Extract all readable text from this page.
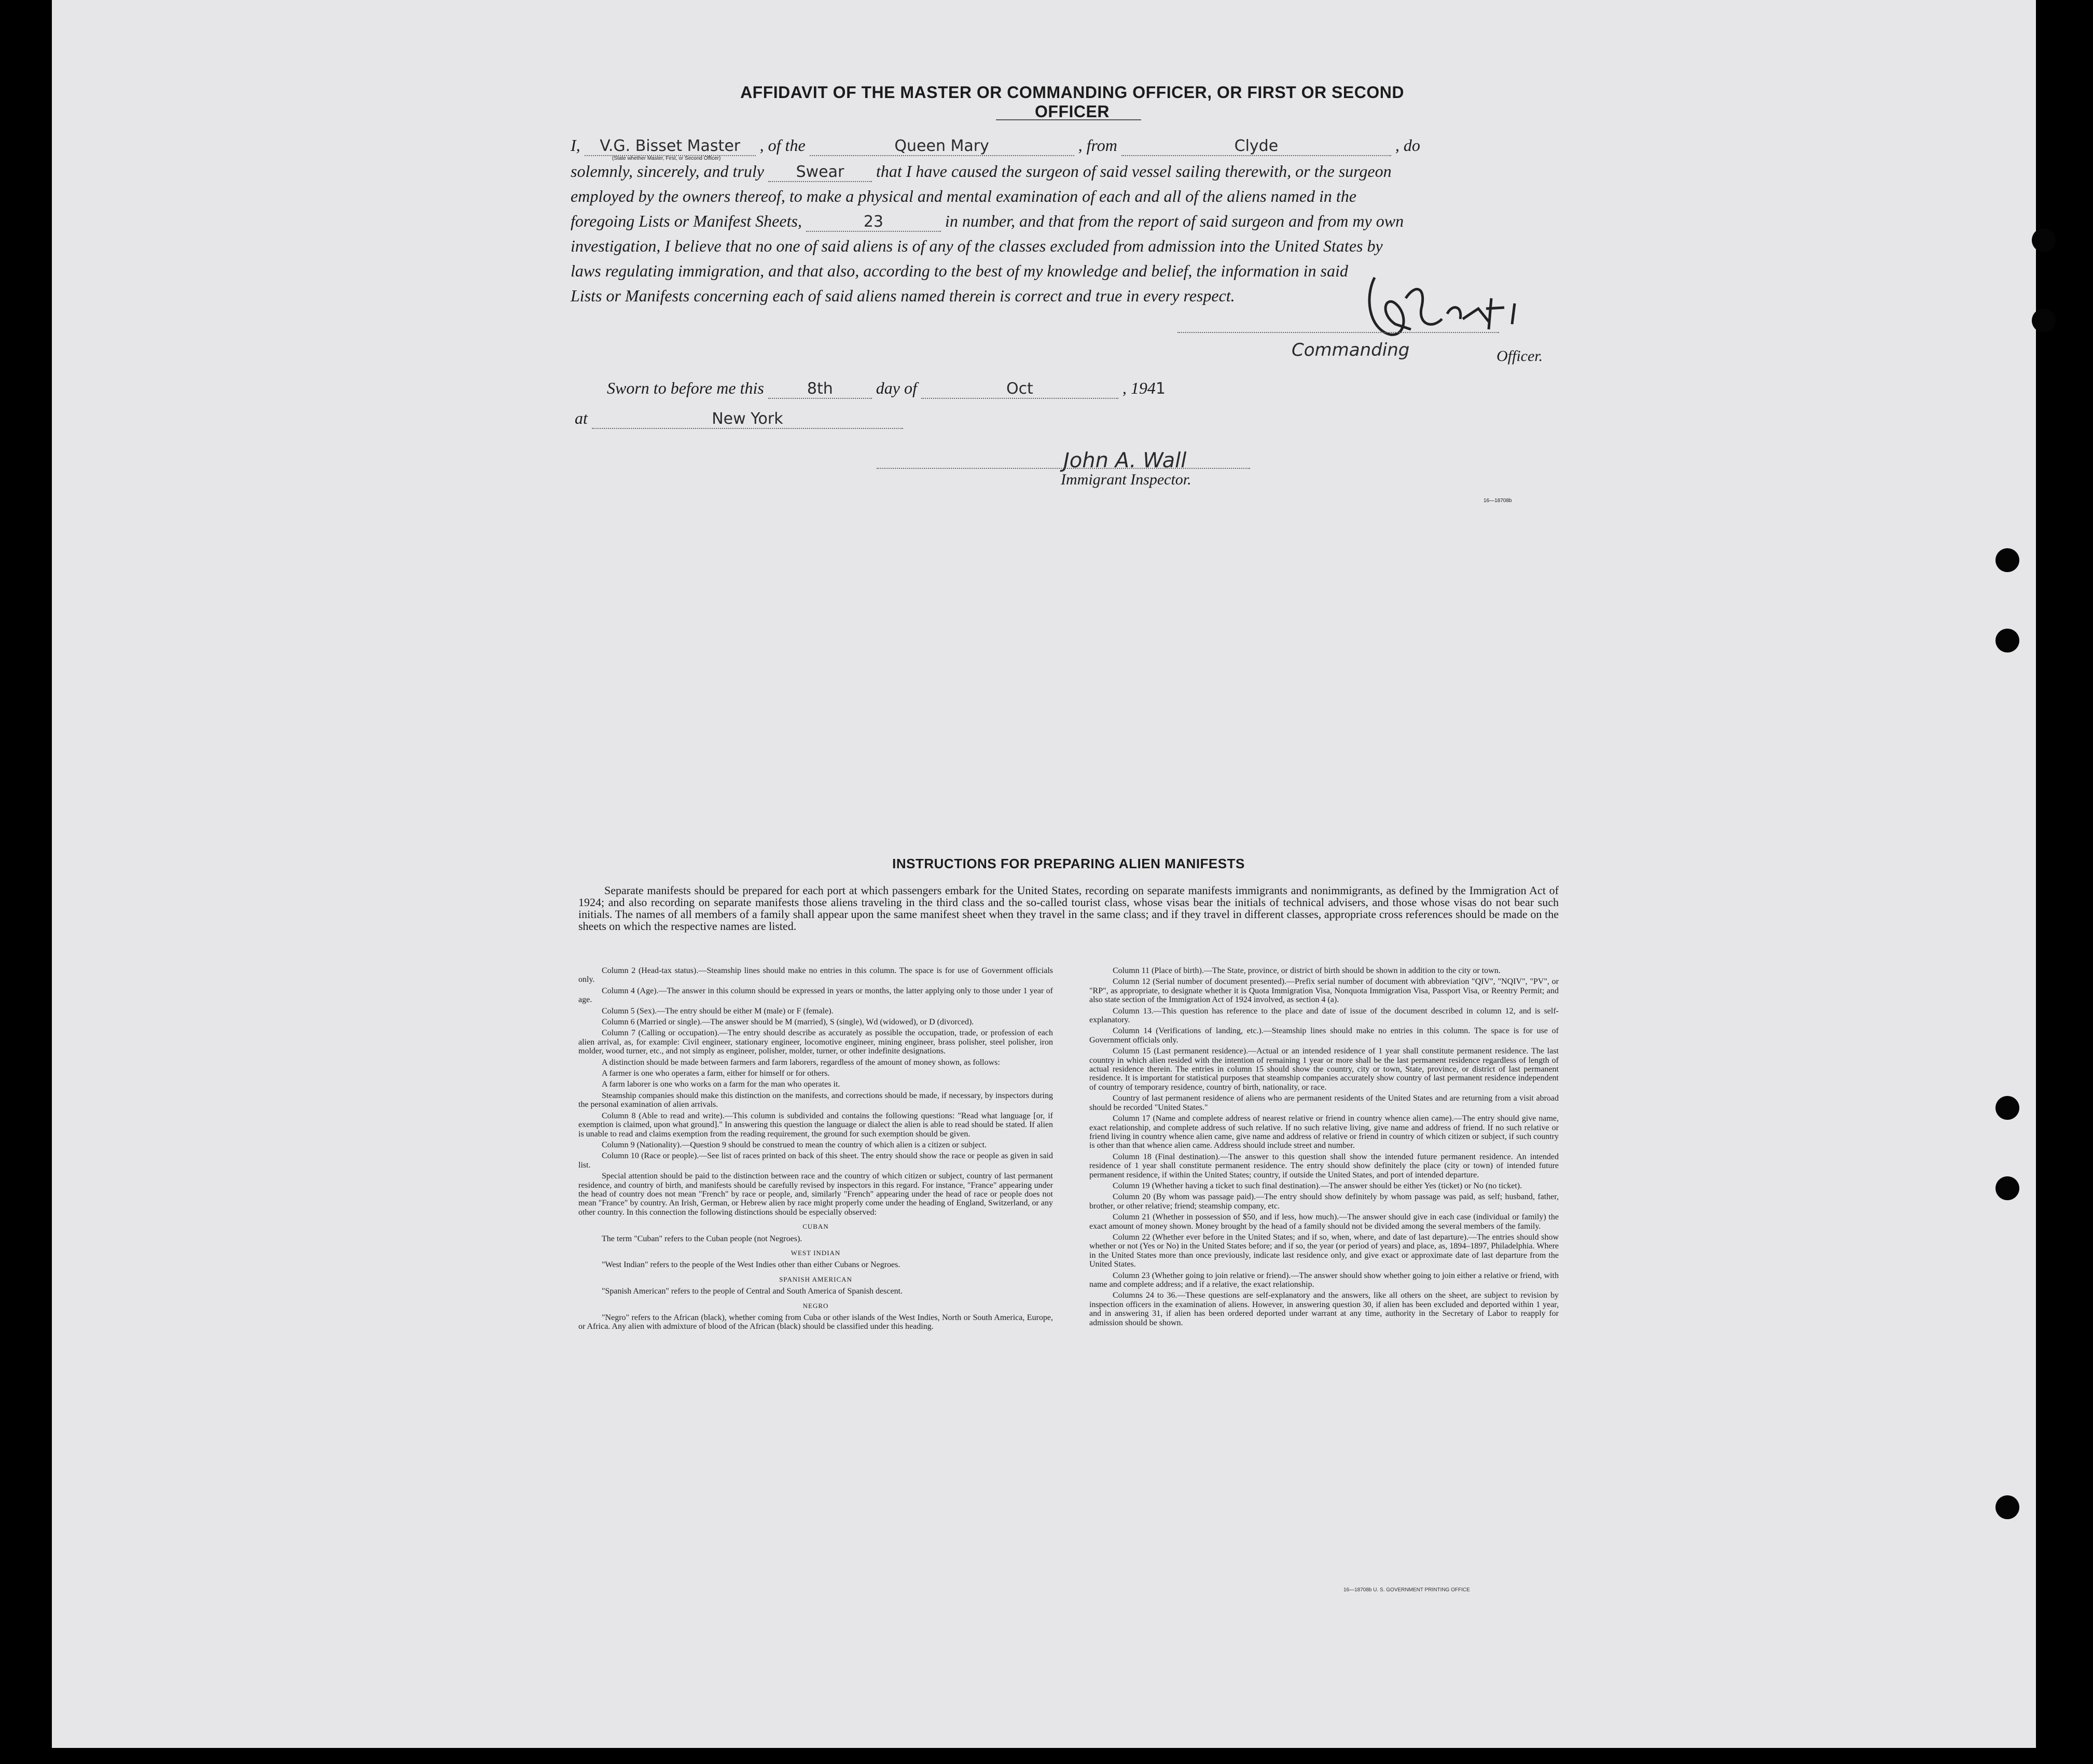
AFFIDAVIT OF THE MASTER OR COMMANDING OFFICER, OR FIRST OR SECOND OFFICER
I, V.G. Bisset Master , of the	Queen Mary	, from	Clyde	, do
(State whether Master, First, or Second Officer)
solemnly, sincerely, and truly Swear that I have caused the surgeon of said vessel sailing therewith, or the surgeon
employed by the owners thereof, to make a physical and mental examination of each and all of the aliens named in the
foregoing Lists or Manifest Sheets,	23	in number, and that from the report of said surgeon and from my own
investigation, I believe that no one of said aliens is of any of the classes excluded from admission into the United States by
laws regulating immigration, and that also, according to the best of my knowledge and belief, the information in said
Lists or Manifests concerning each of said aliens named therein is correct and true in every respect.
Commanding	Officer.
Sworn to before me this	8th	day of	Oct	, 1941
at	New York
John A. Wall
Immigrant Inspector.
16—18708b
INSTRUCTIONS FOR PREPARING ALIEN MANIFESTS
Separate manifests should be prepared for each port at which passengers embark for the United States, recording on separate manifests immigrants and nonimmigrants, as defined by the Immigration Act of 1924; and also recording on separate manifests those aliens traveling in the third class and the so-called tourist class, whose visas bear the initials of technical advisers, and those whose visas do not bear such initials. The names of all members of a family shall appear upon the same manifest sheet when they travel in the same class; and if they travel in different classes, appropriate cross references should be made on the sheets on which the respective names are listed.

Column 2 (Head-tax status).—Steamship lines should make no entries in this column. The space is for use of Government officials only.

Column 4 (Age).—The answer in this column should be expressed in years or months, the latter applying only to those under 1 year of age.

Column 5 (Sex).—The entry should be either M (male) or F (female).

Column 6 (Married or single).—The answer should be M (married), S (single), Wd (widowed), or D (divorced).

Column 7 (Calling or occupation).—The entry should describe as accurately as possible the occupation, trade, or profession of each alien arrival, as, for example: Civil engineer, stationary engineer, locomotive engineer, mining engineer, brass polisher, steel polisher, iron molder, wood turner, etc., and not simply as engineer, polisher, molder, turner, or other indefinite designations.

A distinction should be made between farmers and farm laborers, regardless of the amount of money shown, as follows:

A farmer is one who operates a farm, either for himself or for others.

A farm laborer is one who works on a farm for the man who operates it.

Steamship companies should make this distinction on the manifests, and corrections should be made, if necessary, by inspectors during the personal examination of alien arrivals.

Column 8 (Able to read and write).—This column is subdivided and contains the following questions: "Read what language [or, if exemption is claimed, upon what ground]." In answering this question the language or dialect the alien is able to read should be stated. If alien is unable to read and claims exemption from the reading requirement, the ground for such exemption should be given.

Column 9 (Nationality).—Question 9 should be construed to mean the country of which alien is a citizen or subject.

Column 10 (Race or people).—See list of races printed on back of this sheet. The entry should show the race or people as given in said list.

Special attention should be paid to the distinction between race and the country of which citizen or subject, country of last permanent residence, and country of birth, and manifests should be carefully revised by inspectors in this regard. For instance, "France" appearing under the head of country does not mean "French" by race or people, and, similarly "French" appearing under the head of race or people does not mean "France" by country. An Irish, German, or Hebrew alien by race might properly come under the heading of England, Switzerland, or any other country. In this connection the following distinctions should be especially observed:

CUBAN

The term "Cuban" refers to the Cuban people (not Negroes).

WEST INDIAN

"West Indian" refers to the people of the West Indies other than either Cubans or Negroes.

SPANISH AMERICAN

"Spanish American" refers to the people of Central and South America of Spanish descent.

NEGRO

"Negro" refers to the African (black), whether coming from Cuba or other islands of the West Indies, North or South America, Europe, or Africa. Any alien with admixture of blood of the African (black) should be classified under this heading.

Column 11 (Place of birth).—The State, province, or district of birth should be shown in addition to the city or town.

Column 12 (Serial number of document presented).—Prefix serial number of document with abbreviation "QIV", "NQIV", "PV", or "RP", as appropriate, to designate whether it is Quota Immigration Visa, Nonquota Immigration Visa, Passport Visa, or Reentry Permit; and also state section of the Immigration Act of 1924 involved, as section 4 (a).

Column 13.—This question has reference to the place and date of issue of the document described in column 12, and is self-explanatory.

Column 14 (Verifications of landing, etc.).—Steamship lines should make no entries in this column. The space is for use of Government officials only.

Column 15 (Last permanent residence).—Actual or an intended residence of 1 year shall constitute permanent residence. The last country in which alien resided with the intention of remaining 1 year or more shall be the last permanent residence regardless of length of actual residence therein. The entries in column 15 should show the country, city or town, State, province, or district of last permanent residence. It is important for statistical purposes that steamship companies accurately show country of last permanent residence independent of country of temporary residence, country of birth, nationality, or race.

Country of last permanent residence of aliens who are permanent residents of the United States and are returning from a visit abroad should be recorded "United States."

Column 17 (Name and complete address of nearest relative or friend in country whence alien came).—The entry should give name, exact relationship, and complete address of such relative. If no such relative living, give name and address of friend. If no such relative or friend living in country whence alien came, give name and address of relative or friend in country of which citizen or subject, if such country is other than that whence alien came. Address should include street and number.

Column 18 (Final destination).—The answer to this question shall show the intended future permanent residence. An intended residence of 1 year shall constitute permanent residence. The entry should show definitely the place (city or town) of intended future permanent residence, if within the United States; country, if outside the United States, and port of intended departure.

Column 19 (Whether having a ticket to such final destination).—The answer should be either Yes (ticket) or No (no ticket).

Column 20 (By whom was passage paid).—The entry should show definitely by whom passage was paid, as self; husband, father, brother, or other relative; friend; steamship company, etc.

Column 21 (Whether in possession of $50, and if less, how much).—The answer should give in each case (individual or family) the exact amount of money shown. Money brought by the head of a family should not be divided among the several members of the family.

Column 22 (Whether ever before in the United States; and if so, when, where, and date of last departure).—The entries should show whether or not (Yes or No) in the United States before; and if so, the year (or period of years) and place, as, 1894–1897, Philadelphia. Where in the United States more than once previously, indicate last residence only, and give exact or approximate date of last departure from the United States.

Column 23 (Whether going to join relative or friend).—The answer should show whether going to join either a relative or friend, with name and complete address; and if a relative, the exact relationship.

Columns 24 to 36.—These questions are self-explanatory and the answers, like all others on the sheet, are subject to revision by inspection officers in the examination of aliens. However, in answering question 30, if alien has been excluded and deported within 1 year, and in answering 31, if alien has been ordered deported under warrant at any time, authority in the Secretary of Labor to reapply for admission should be shown.

16—18708b U. S. GOVERNMENT PRINTING OFFICE
